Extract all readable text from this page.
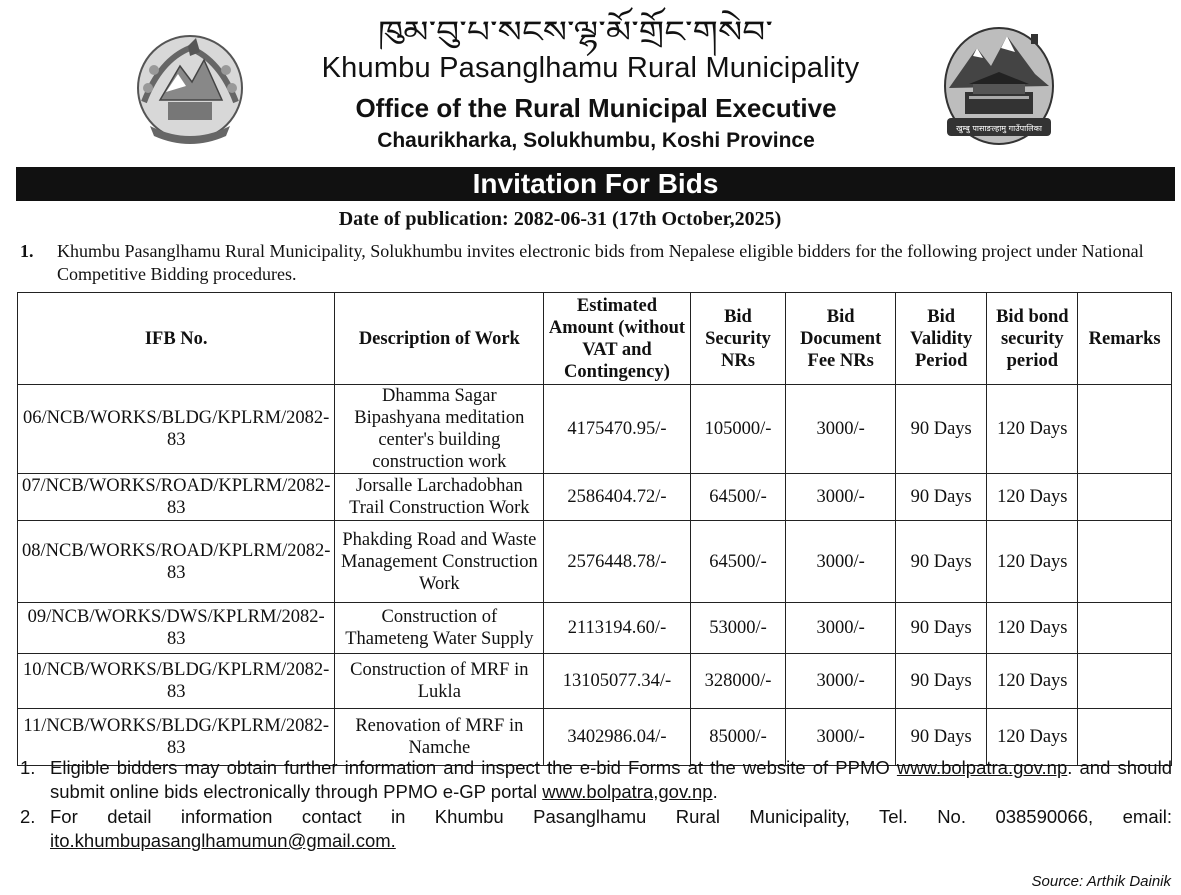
ཁུམ་བུ་པ་སངས་ལྷ་མོ་གྲོང་གསེབ་
Khumbu Pasanglhamu Rural Municipality
Office of the Rural Municipal Executive
Chaurikharka, Solukhumbu, Koshi Province
खुम्बु पासाङल्हामु गाउँपालिका
Invitation For Bids
Date of publication: 2082-06-31 (17th October,2025)
1. Khumbu Pasanglhamu Rural Municipality, Solukhumbu invites electronic bids from Nepalese eligible bidders for the following project under National Competitive Bidding procedures.
IFB No.	Description of Work	Estimated Amount (without VAT and Contingency)	Bid Security NRs	Bid Document Fee NRs	Bid Validity Period	Bid bond security period	Remarks
06/NCB/WORKS/BLDG/KPLRM/2082-83	Dhamma Sagar Bipashyana meditation center's building construction work	4175470.95/-	105000/-	3000/-	90 Days	120 Days	
07/NCB/WORKS/ROAD/KPLRM/2082-83	Jorsalle Larchadobhan Trail Construction Work	2586404.72/-	64500/-	3000/-	90 Days	120 Days	
08/NCB/WORKS/ROAD/KPLRM/2082-83	Phakding Road and Waste Management Construction Work	2576448.78/-	64500/-	3000/-	90 Days	120 Days	
09/NCB/WORKS/DWS/KPLRM/2082-83	Construction of Thameteng Water Supply	2113194.60/-	53000/-	3000/-	90 Days	120 Days	
10/NCB/WORKS/BLDG/KPLRM/2082-83	Construction of MRF in Lukla	13105077.34/-	328000/-	3000/-	90 Days	120 Days	
11/NCB/WORKS/BLDG/KPLRM/2082-83	Renovation of MRF in Namche	3402986.04/-	85000/-	3000/-	90 Days	120 Days	
1. Eligible bidders may obtain further information and inspect the e-bid Forms at the website of PPMO www.bolpatra.gov.np. and should submit online bids electronically through PPMO e-GP portal www.bolpatra,gov.np.
2. For detail information contact in Khumbu Pasanglhamu Rural Municipality, Tel. No. 038590066, email:
ito.khumbupasanglhamumun@gmail.com.
Source: Arthik Dainik
